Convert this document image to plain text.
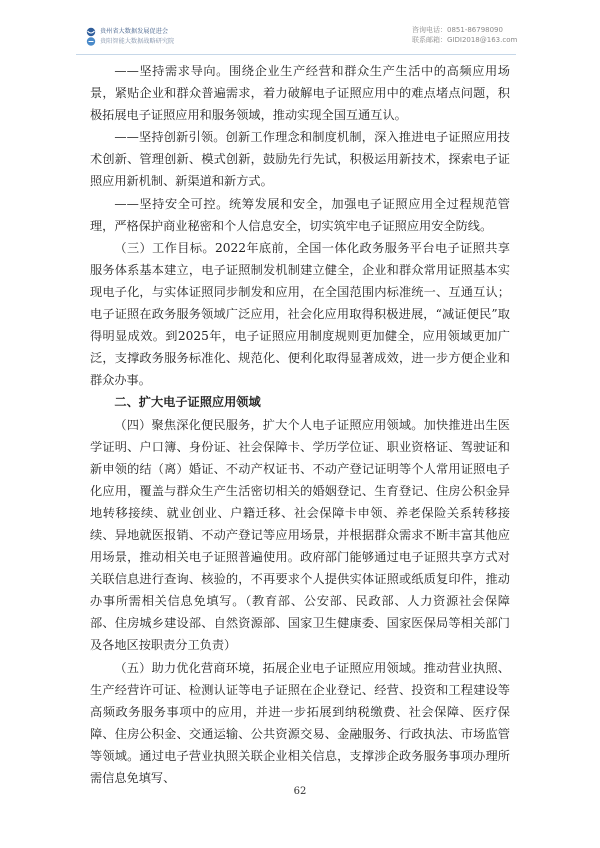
贵州省大数据发展促进会
贵阳智能大数据战略研究院
咨询电话：0851-86798090
联系邮箱：GIDI2018@163.com

——坚持需求导向。围绕企业生产经营和群众生产生活中的高频应用场景，紧贴企业和群众普遍需求，着力破解电子证照应用中的难点堵点问题，积极拓展电子证照应用和服务领域，推动实现全国互通互认。

——坚持创新引领。创新工作理念和制度机制，深入推进电子证照应用技术创新、管理创新、模式创新，鼓励先行先试，积极运用新技术，探索电子证照应用新机制、新渠道和新方式。

——坚持安全可控。统筹发展和安全，加强电子证照应用全过程规范管理，严格保护商业秘密和个人信息安全，切实筑牢电子证照应用安全防线。

（三）工作目标。2022年底前，全国一体化政务服务平台电子证照共享服务体系基本建立，电子证照制发机制建立健全，企业和群众常用证照基本实现电子化，与实体证照同步制发和应用，在全国范围内标准统一、互通互认；电子证照在政务服务领域广泛应用，社会化应用取得积极进展，“减证便民”取得明显成效。到2025年，电子证照应用制度规则更加健全，应用领域更加广泛，支撑政务服务标准化、规范化、便利化取得显著成效，进一步方便企业和群众办事。

二、扩大电子证照应用领域

（四）聚焦深化便民服务，扩大个人电子证照应用领域。加快推进出生医学证明、户口簿、身份证、社会保障卡、学历学位证、职业资格证、驾驶证和新申领的结（离）婚证、不动产权证书、不动产登记证明等个人常用证照电子化应用，覆盖与群众生产生活密切相关的婚姻登记、生育登记、住房公积金异地转移接续、就业创业、户籍迁移、社会保障卡申领、养老保险关系转移接续、异地就医报销、不动产登记等应用场景，并根据群众需求不断丰富其他应用场景，推动相关电子证照普遍使用。政府部门能够通过电子证照共享方式对关联信息进行查询、核验的，不再要求个人提供实体证照或纸质复印件，推动办事所需相关信息免填写。（教育部、公安部、民政部、人力资源社会保障部、住房城乡建设部、自然资源部、国家卫生健康委、国家医保局等相关部门及各地区按职责分工负责）

（五）助力优化营商环境，拓展企业电子证照应用领域。推动营业执照、生产经营许可证、检测认证等电子证照在企业登记、经营、投资和工程建设等高频政务服务事项中的应用，并进一步拓展到纳税缴费、社会保障、医疗保障、住房公积金、交通运输、公共资源交易、金融服务、行政执法、市场监管等领域。通过电子营业执照关联企业相关信息，支撑涉企政务服务事项办理所需信息免填写、

62
